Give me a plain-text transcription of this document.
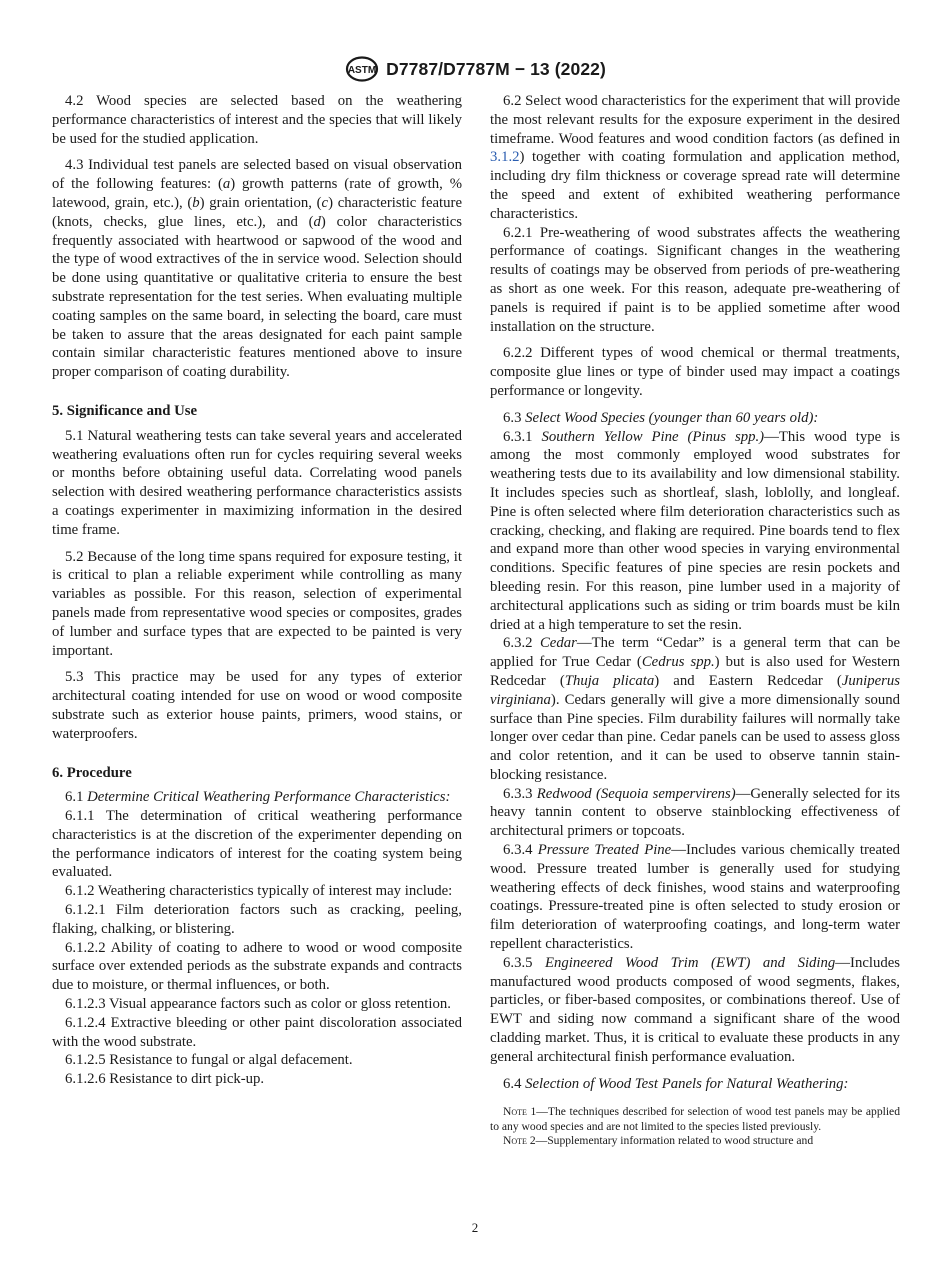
ASTM D7787/D7787M − 13 (2022)

4.2 Wood species are selected based on the weathering performance characteristics of interest and the species that will likely be used for the studied application.

4.3 Individual test panels are selected based on visual observation of the following features: (a) growth patterns (rate of growth, % latewood, grain, etc.), (b) grain orientation, (c) characteristic feature (knots, checks, glue lines, etc.), and (d) color characteristics frequently associated with heartwood or sapwood of the wood and the type of wood extractives of the in service wood. Selection should be done using quantitative or qualitative criteria to ensure the best substrate representation for the test series. When evaluating multiple coating samples on the same board, in selecting the board, care must be taken to assure that the areas designated for each paint sample contain similar characteristic features mentioned above to insure proper comparison of coating durability.

5. Significance and Use

5.1 Natural weathering tests can take several years and accelerated weathering evaluations often run for cycles requiring several weeks or months before obtaining useful data. Correlating wood panels selection with desired weathering performance characteristics assists a coatings experimenter in maximizing information in the desired time frame.

5.2 Because of the long time spans required for exposure testing, it is critical to plan a reliable experiment while controlling as many variables as possible. For this reason, selection of experimental panels made from representative wood species or composites, grades of lumber and surface types that are expected to be painted is very important.

5.3 This practice may be used for any types of exterior architectural coating intended for use on wood or wood composite substrate such as exterior house paints, primers, wood stains, or waterproofers.

6. Procedure

6.1 Determine Critical Weathering Performance Characteristics:

6.1.1 The determination of critical weathering performance characteristics is at the discretion of the experimenter depending on the performance indicators of interest for the coating system being evaluated.

6.1.2 Weathering characteristics typically of interest may include:

6.1.2.1 Film deterioration factors such as cracking, peeling, flaking, chalking, or blistering.

6.1.2.2 Ability of coating to adhere to wood or wood composite surface over extended periods as the substrate expands and contracts due to moisture, or thermal influences, or both.

6.1.2.3 Visual appearance factors such as color or gloss retention.

6.1.2.4 Extractive bleeding or other paint discoloration associated with the wood substrate.

6.1.2.5 Resistance to fungal or algal defacement.

6.1.2.6 Resistance to dirt pick-up.

6.2 Select wood characteristics for the experiment that will provide the most relevant results for the exposure experiment in the desired timeframe. Wood features and wood condition factors (as defined in 3.1.2) together with coating formulation and application method, including dry film thickness or coverage spread rate will determine the speed and extent of exhibited weathering performance characteristics.

6.2.1 Pre-weathering of wood substrates affects the weathering performance of coatings. Significant changes in the weathering results of coatings may be observed from periods of pre-weathering as short as one week. For this reason, adequate pre-weathering of panels is required if paint is to be applied sometime after wood installation on the structure.

6.2.2 Different types of wood chemical or thermal treatments, composite glue lines or type of binder used may impact a coatings performance or longevity.

6.3 Select Wood Species (younger than 60 years old):

6.3.1 Southern Yellow Pine (Pinus spp.)—This wood type is among the most commonly employed wood substrates for weathering tests due to its availability and low dimensional stability. It includes species such as shortleaf, slash, loblolly, and longleaf. Pine is often selected where film deterioration characteristics such as cracking, checking, and flaking are required. Pine boards tend to flex and expand more than other wood species in varying environmental conditions. Specific features of pine species are resin pockets and bleeding resin. For this reason, pine lumber used in a majority of architectural applications such as siding or trim boards must be kiln dried at a high temperature to set the resin.

6.3.2 Cedar—The term “Cedar” is a general term that can be applied for True Cedar (Cedrus spp.) but is also used for Western Redcedar (Thuja plicata) and Eastern Redcedar (Juniperus virginiana). Cedars generally will give a more dimensionally sound surface than Pine species. Film durability failures will normally take longer over cedar than pine. Cedar panels can be used to assess gloss and color retention, and it can be used to observe tannin stain-blocking resistance.

6.3.3 Redwood (Sequoia sempervirens)—Generally selected for its heavy tannin content to observe stainblocking effectiveness of architectural primers or topcoats.

6.3.4 Pressure Treated Pine—Includes various chemically treated wood. Pressure treated lumber is generally used for studying weathering effects of deck finishes, wood stains and waterproofing coatings. Pressure-treated pine is often selected to study erosion or film deterioration of waterproofing coatings, and long-term water repellent characteristics.

6.3.5 Engineered Wood Trim (EWT) and Siding—Includes manufactured wood products composed of wood segments, flakes, particles, or fiber-based composites, or combinations thereof. Use of EWT and siding now command a significant share of the wood cladding market. Thus, it is critical to evaluate these products in any general architectural finish performance evaluation.

6.4 Selection of Wood Test Panels for Natural Weathering:

Note 1—The techniques described for selection of wood test panels may be applied to any wood species and are not limited to the species listed previously.

Note 2—Supplementary information related to wood structure and

2
